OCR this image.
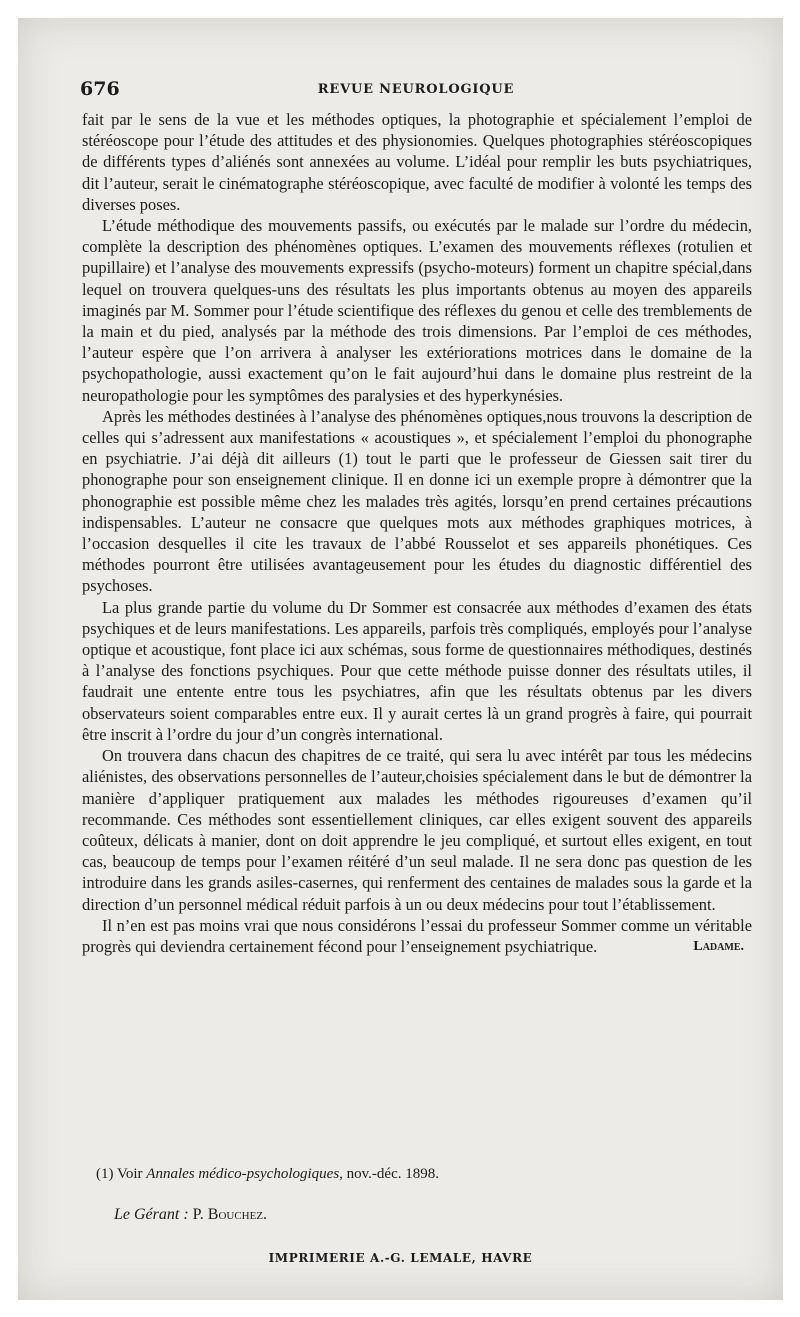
676	REVUE NEUROLOGIQUE

fait par le sens de la vue et les méthodes optiques, la photographie et spécialement l’emploi de stéréoscope pour l’étude des attitudes et des physionomies. Quelques photographies stéréoscopiques de différents types d’aliénés sont annexées au volume. L’idéal pour remplir les buts psychiatriques, dit l’auteur, serait le cinématographe stéréoscopique, avec faculté de modifier à volonté les temps des diverses poses.

L’étude méthodique des mouvements passifs, ou exécutés par le malade sur l’ordre du médecin, complète la description des phénomènes optiques. L’examen des mouvements réflexes (rotulien et pupillaire) et l’analyse des mouvements expressifs (psycho-moteurs) forment un chapitre spécial,dans lequel on trouvera quelques-uns des résultats les plus importants obtenus au moyen des appareils imaginés par M. Sommer pour l’étude scientifique des réflexes du genou et celle des tremblements de la main et du pied, analysés par la méthode des trois dimensions. Par l’emploi de ces méthodes, l’auteur espère que l’on arrivera à analyser les extériorations motrices dans le domaine de la psychopathologie, aussi exactement qu’on le fait aujourd’hui dans le domaine plus restreint de la neuropathologie pour les symptômes des paralysies et des hyperkynésies.

Après les méthodes destinées à l’analyse des phénomènes optiques,nous trouvons la description de celles qui s’adressent aux manifestations « acoustiques », et spécialement l’emploi du phonographe en psychiatrie. J’ai déjà dit ailleurs (1) tout le parti que le professeur de Giessen sait tirer du phonographe pour son enseignement clinique. Il en donne ici un exemple propre à démontrer que la phonographie est possible même chez les malades très agités, lorsqu’en prend certaines précautions indispensables. L’auteur ne consacre que quelques mots aux méthodes graphiques motrices, à l’occasion desquelles il cite les travaux de l’abbé Rousselot et ses appareils phonétiques. Ces méthodes pourront être utilisées avantageusement pour les études du diagnostic différentiel des psychoses.

La plus grande partie du volume du Dr Sommer est consacrée aux méthodes d’examen des états psychiques et de leurs manifestations. Les appareils, parfois très compliqués, employés pour l’analyse optique et acoustique, font place ici aux schémas, sous forme de questionnaires méthodiques, destinés à l’analyse des fonctions psychiques. Pour que cette méthode puisse donner des résultats utiles, il faudrait une entente entre tous les psychiatres, afin que les résultats obtenus par les divers observateurs soient comparables entre eux. Il y aurait certes là un grand progrès à faire, qui pourrait être inscrit à l’ordre du jour d’un congrès international.

On trouvera dans chacun des chapitres de ce traité, qui sera lu avec intérêt par tous les médecins aliénistes, des observations personnelles de l’auteur,choisies spécialement dans le but de démontrer la manière d’appliquer pratiquement aux malades les méthodes rigoureuses d’examen qu’il recommande. Ces méthodes sont essentiellement cliniques, car elles exigent souvent des appareils coûteux, délicats à manier, dont on doit apprendre le jeu compliqué, et surtout elles exigent, en tout cas, beaucoup de temps pour l’examen réitéré d’un seul malade. Il ne sera donc pas question de les introduire dans les grands asiles-casernes, qui renferment des centaines de malades sous la garde et la direction d’un personnel médical réduit parfois à un ou deux médecins pour tout l’établissement.

Il n’en est pas moins vrai que nous considérons l’essai du professeur Sommer comme un véritable progrès qui deviendra certainement fécond pour l’enseignement psychiatrique.	Ladame.
(1) Voir Annales médico-psychologiques, nov.-déc. 1898.
Le Gérant : P. Bouchez.
IMPRIMERIE A.-G. LEMALE, HAVRE
